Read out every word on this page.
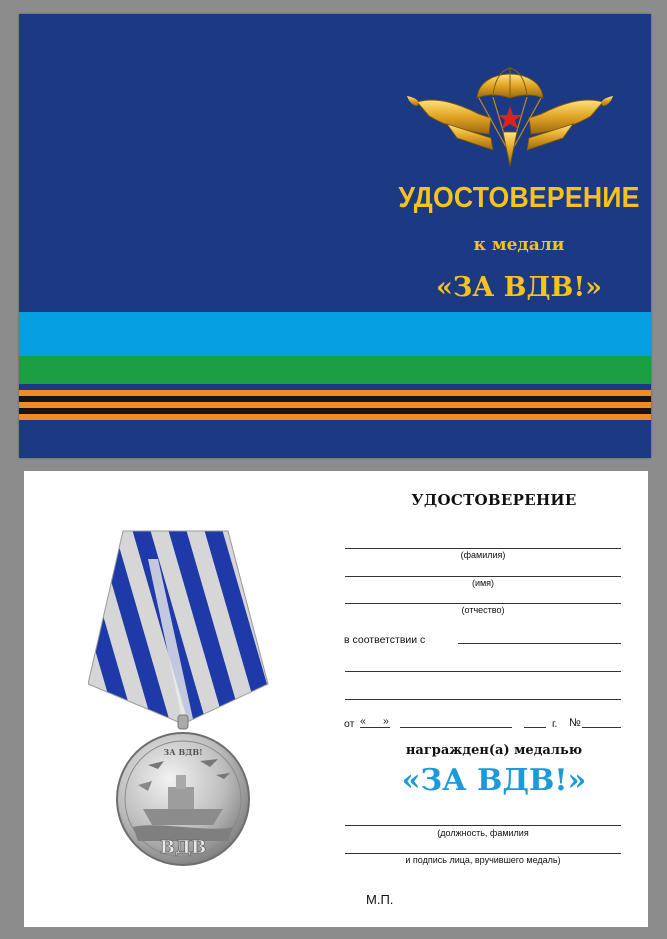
УДОСТОВЕРЕНИЕ
к медали
«ЗА ВДВ!»
ЗА ВДВ!
ВДВ
УДОСТОВЕРЕНИЕ
(фамилия)
(имя)
(отчество)
в соответствии с
от « »	г. №
награжден(а) медалью
«ЗА ВДВ!»
(должность, фамилия
и подпись лица, вручившего медаль)
М.П.
